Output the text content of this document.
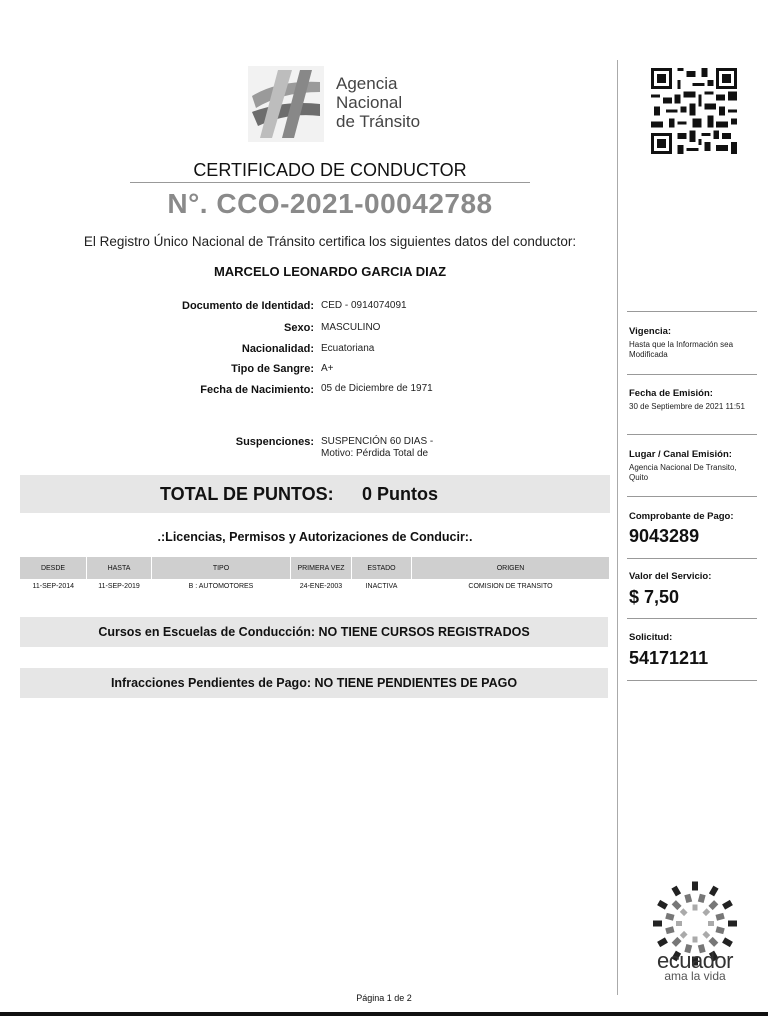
Agencia
Nacional
de Tránsito
CERTIFICADO DE CONDUCTOR
N°. CCO-2021-00042788
El Registro Único Nacional de Tránsito certifica los siguientes datos del conductor:
MARCELO LEONARDO GARCIA DIAZ
Documento de Identidad: CED - 0914074091
Sexo: MASCULINO
Nacionalidad: Ecuatoriana
Tipo de Sangre: A+
Fecha de Nacimiento: 05 de Diciembre de 1971
Suspenciones: SUSPENCIÓN 60 DIAS -
Motivo: Pérdida Total de
TOTAL DE PUNTOS: 0 Puntos
.:Licencias, Permisos y Autorizaciones de Conducir:.
DESDE	HASTA	TIPO	PRIMERA VEZ	ESTADO	ORIGEN
11-SEP-2014	11-SEP-2019	B : AUTOMOTORES	24-ENE-2003	INACTIVA	COMISION DE TRANSITO
Cursos en Escuelas de Conducción: NO TIENE CURSOS REGISTRADOS
Infracciones Pendientes de Pago: NO TIENE PENDIENTES DE PAGO
Vigencia:
Hasta que la Información sea Modificada
Fecha de Emisión:
30 de Septiembre de 2021 11:51
Lugar / Canal Emisión:
Agencia Nacional De Transito, Quito
Comprobante de Pago:
9043289
Valor del Servicio:
$ 7,50
Solicitud:
54171211
ecuador
ama la vida
Página 1 de 2
